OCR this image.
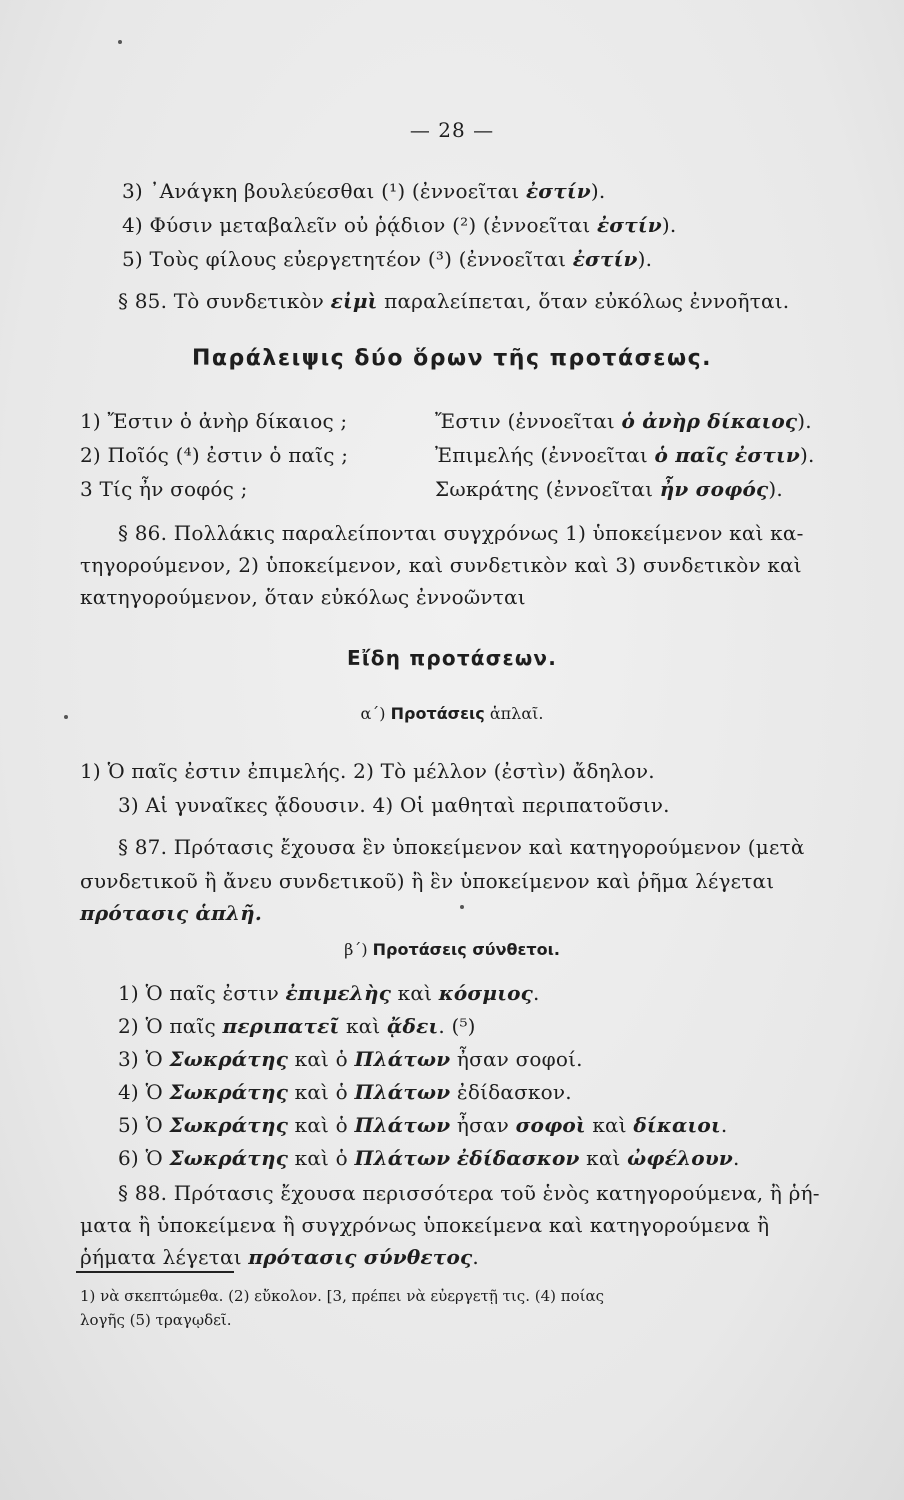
— 28 —
3) ᾿Ανάγκη βουλεύεσθαι (¹) (ἐννοεῖται ἐστίν).
4) Φύσιν μεταβαλεῖν οὐ ῥᾴδιον (²) (ἐννοεῖται ἐστίν).
5) Τοὺς φίλους εὐεργετητέον (³) (ἐννοεῖται ἐστίν).
§ 85. Τὸ συνδετικὸν εἰμὶ παραλείπεται, ὅταν εὐκόλως ἐννοῆται.
Παράλειψις δύο ὅρων τῆς προτάσεως.
1) Ἔστιν ὁ ἀνὴρ δίκαιος ;	Ἔστιν (ἐννοεῖται ὁ ἀνὴρ δίκαιος).
2) Ποῖός (⁴) ἐστιν ὁ παῖς ;	Ἐπιμελής (ἐννοεῖται ὁ παῖς ἐστιν).
3 Τίς ἦν σοφός ;	Σωκράτης (ἐννοεῖται ἦν σοφός).
§ 86. Πολλάκις παραλείπονται συγχρόνως 1) ὑποκείμενον καὶ κα-
τηγορούμενον, 2) ὑποκείμενον, καὶ συνδετικὸν καὶ 3) συνδετικὸν καὶ
κατηγορούμενον, ὅταν εὐκόλως ἐννοῶνται
Εἴδη προτάσεων.
α΄) Προτάσεις ἁπλαῖ.
1) Ὁ παῖς ἐστιν ἐπιμελής. 2) Τὸ μέλλον (ἐστὶν) ἄδηλον.
3) Αἱ γυναῖκες ᾄδουσιν. 4) Οἱ μαθηταὶ περιπατοῦσιν.
§ 87. Πρότασις ἔχουσα ἓν ὑποκείμενον καὶ κατηγορούμενον (μετὰ
συνδετικοῦ ἢ ἄνευ συνδετικοῦ) ἢ ἓν ὑποκείμενον καὶ ῥῆμα λέγεται
πρότασις ἁπλῆ.
β΄) Προτάσεις σύνθετοι.
1) Ὁ παῖς ἐστιν ἐπιμελὴς καὶ κόσμιος.
2) Ὁ παῖς περιπατεῖ καὶ ᾄδει. (⁵)
3) Ὁ Σωκράτης καὶ ὁ Πλάτων ἦσαν σοφοί.
4) Ὁ Σωκράτης καὶ ὁ Πλάτων ἐδίδασκον.
5) Ὁ Σωκράτης καὶ ὁ Πλάτων ἦσαν σοφοὶ καὶ δίκαιοι.
6) Ὁ Σωκράτης καὶ ὁ Πλάτων ἐδίδασκον καὶ ὠφέλουν.
§ 88. Πρότασις ἔχουσα περισσότερα τοῦ ἑνὸς κατηγορούμενα, ἢ ῥή-
ματα ἢ ὑποκείμενα ἢ συγχρόνως ὑποκείμενα καὶ κατηγορούμενα ἢ
ῥήματα λέγεται πρότασις σύνθετος.
1) νὰ σκεπτώμεθα. (2) εὔκολον. [3, πρέπει νὰ εὐεργετῇ τις. (4) ποίας
λογῆς (5) τραγῳδεῖ.
